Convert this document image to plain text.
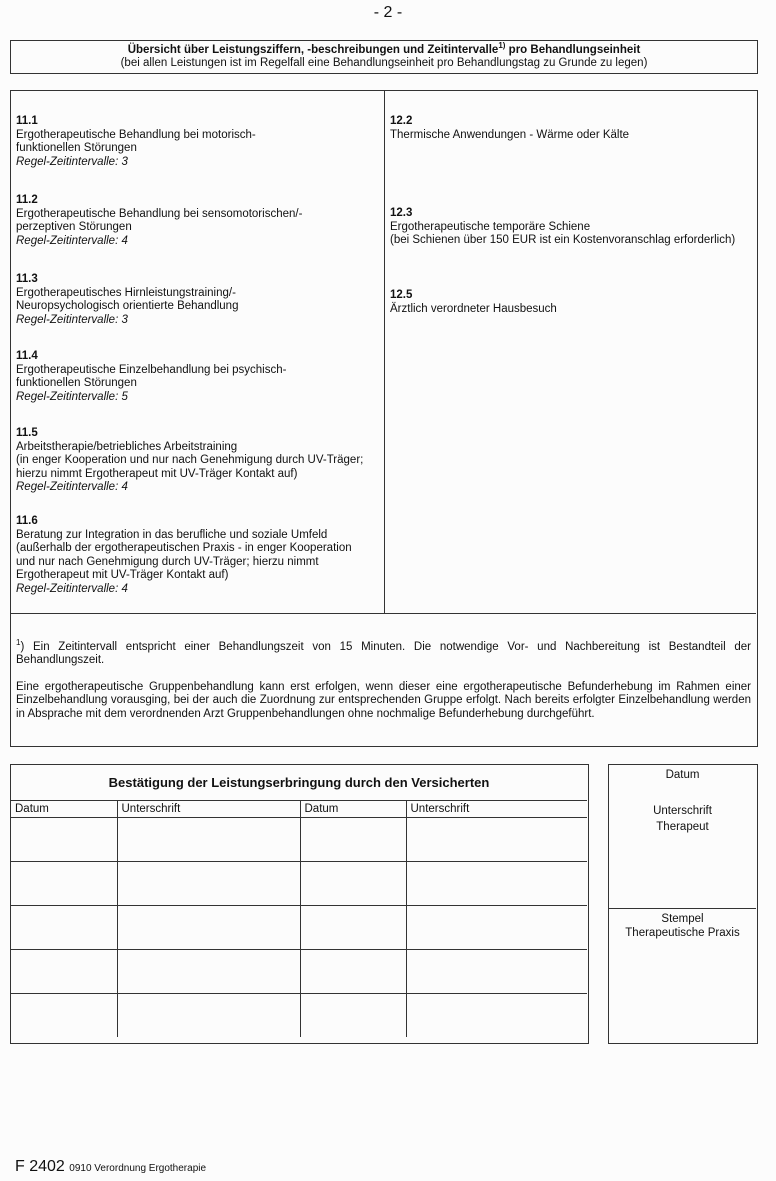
- 2 -
Übersicht über Leistungsziffern, -beschreibungen und Zeitintervalle$^{1)}$ pro Behandlungseinheit
(bei allen Leistungen ist im Regelfall eine Behandlungseinheit pro Behandlungstag zu Grunde zu legen)
11.1
Ergotherapeutische Behandlung bei motorisch-
funktionellen Störungen
Regel-Zeitintervalle: 3
11.2
Ergotherapeutische Behandlung bei sensomotorischen/-
perzeptiven Störungen
Regel-Zeitintervalle: 4
11.3
Ergotherapeutisches Hirnleistungstraining/-
Neuropsychologisch orientierte Behandlung
Regel-Zeitintervalle: 3
11.4
Ergotherapeutische Einzelbehandlung bei psychisch-
funktionellen Störungen
Regel-Zeitintervalle: 5
11.5
Arbeitstherapie/betriebliches Arbeitstraining
(in enger Kooperation und nur nach Genehmigung durch UV-Träger;
hierzu nimmt Ergotherapeut mit UV-Träger Kontakt auf)
Regel-Zeitintervalle: 4
11.6
Beratung zur Integration in das berufliche und soziale Umfeld
(außerhalb der ergotherapeutischen Praxis - in enger Kooperation
und nur nach Genehmigung durch UV-Träger; hierzu nimmt
Ergotherapeut mit UV-Träger Kontakt auf)
Regel-Zeitintervalle: 4
12.2
Thermische Anwendungen - Wärme oder Kälte
12.3
Ergotherapeutische temporäre Schiene
(bei Schienen über 150 EUR ist ein Kostenvoranschlag erforderlich)
12.5
Ärztlich verordneter Hausbesuch

$^1$) Ein Zeitintervall entspricht einer Behandlungszeit von 15 Minuten. Die notwendige Vor- und Nachbereitung ist Bestandteil der Behandlungszeit.

Eine ergotherapeutische Gruppenbehandlung kann erst erfolgen, wenn dieser eine ergotherapeutische Befunderhebung im Rahmen einer Einzelbehandlung vorausging, bei der auch die Zuordnung zur entsprechenden Gruppe erfolgt. Nach bereits erfolgter Einzelbehandlung werden in Absprache mit dem verordnenden Arzt Gruppenbehandlungen ohne nochmalige Befunderhebung durchgeführt.

Bestätigung der Leistungserbringung durch den Versicherten
Datum	Unterschrift	Datum	Unterschrift

Datum
Unterschrift
Therapeut
Stempel
Therapeutische Praxis
F 2402 0910 Verordnung Ergotherapie
